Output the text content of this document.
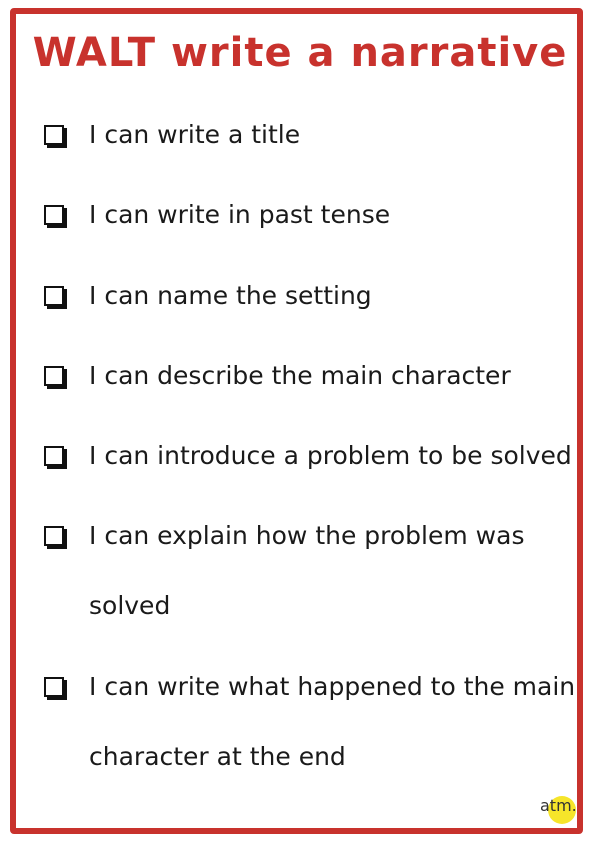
WALT write a narrative
I can write a title
I can write in past tense
I can name the setting
I can describe the main character
I can introduce a problem to be solved
I can explain how the problem was
solved
I can write what happened to the main
character at the end
atm.
